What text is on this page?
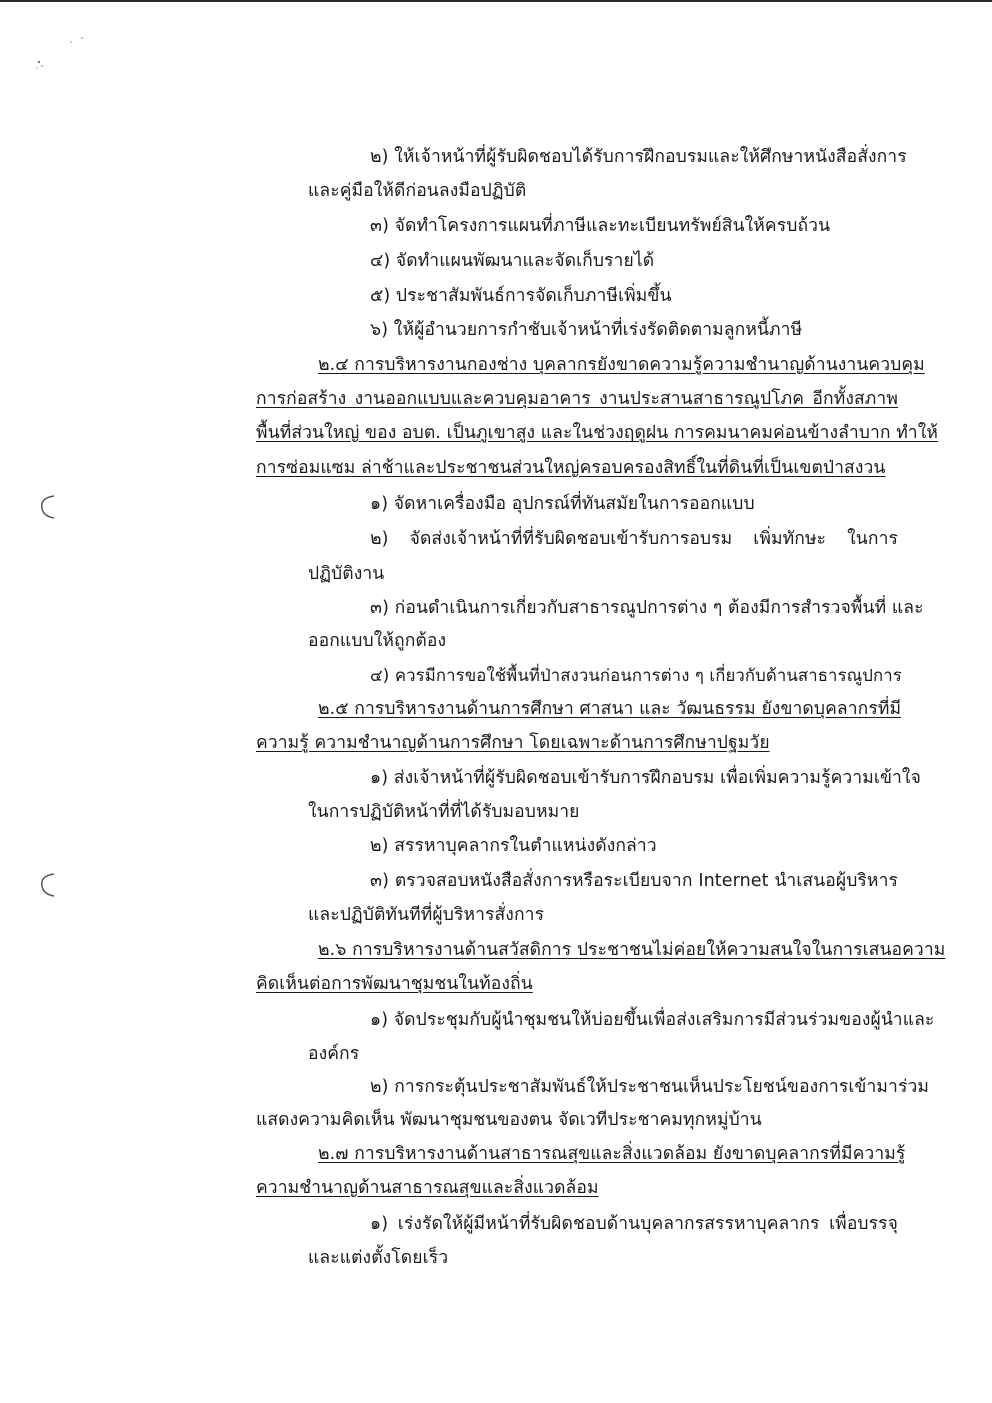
๒) ให้เจ้าหน้าที่ผู้รับผิดชอบได้รับการฝึกอบรมและให้ศึกษาหนังสือสั่งการ

และคู่มือให้ดีก่อนลงมือปฏิบัติ

๓) จัดทำโครงการแผนที่ภาษีและทะเบียนทรัพย์สินให้ครบถ้วน

๔) จัดทำแผนพัฒนาและจัดเก็บรายได้

๕) ประชาสัมพันธ์การจัดเก็บภาษีเพิ่มขึ้น

๖) ให้ผู้อำนวยการกำชับเจ้าหน้าที่เร่งรัดติดตามลูกหนี้ภาษี

๒.๔ การบริหารงานกองช่าง บุคลากรยังขาดความรู้ความชำนาญด้านงานควบคุม

การก่อสร้าง งานออกแบบและควบคุมอาคาร งานประสานสาธารณูปโภค อีกทั้งสภาพ

พื้นที่ส่วนใหญ่ ของ อบต. เป็นภูเขาสูง และในช่วงฤดูฝน การคมนาคมค่อนข้างลำบาก ทำให้

การซ่อมแซม ล่าช้าและประชาชนส่วนใหญ่ครอบครองสิทธิ์ในที่ดินที่เป็นเขตป่าสงวน

๑) จัดหาเครื่องมือ อุปกรณ์ที่ทันสมัยในการออกแบบ

๒) จัดส่งเจ้าหน้าที่ที่รับผิดชอบเข้ารับการอบรม เพิ่มทักษะ ในการ

ปฏิบัติงาน

๓) ก่อนดำเนินการเกี่ยวกับสาธารณูปการต่าง ๆ ต้องมีการสำรวจพื้นที่ และ

ออกแบบให้ถูกต้อง

๔) ควรมีการขอใช้พื้นที่ป่าสงวนก่อนการต่าง ๆ เกี่ยวกับด้านสาธารณูปการ

๒.๕ การบริหารงานด้านการศึกษา ศาสนา และ วัฒนธรรม ยังขาดบุคลากรที่มี

ความรู้ ความชำนาญด้านการศึกษา โดยเฉพาะด้านการศึกษาปฐมวัย

๑) ส่งเจ้าหน้าที่ผู้รับผิดชอบเข้ารับการฝึกอบรม เพื่อเพิ่มความรู้ความเข้าใจ

ในการปฏิบัติหน้าที่ที่ได้รับมอบหมาย

๒) สรรหาบุคลากรในตำแหน่งดังกล่าว

๓) ตรวจสอบหนังสือสั่งการหรือระเบียบจาก Internet นำเสนอผู้บริหาร

และปฏิบัติทันทีที่ผู้บริหารสั่งการ

๒.๖ การบริหารงานด้านสวัสดิการ ประชาชนไม่ค่อยให้ความสนใจในการเสนอความ

คิดเห็นต่อการพัฒนาชุมชนในท้องถิ่น

๑) จัดประชุมกับผู้นำชุมชนให้บ่อยขึ้นเพื่อส่งเสริมการมีส่วนร่วมของผู้นำและ

องค์กร

๒) การกระตุ้นประชาสัมพันธ์ให้ประชาชนเห็นประโยชน์ของการเข้ามาร่วม

แสดงความคิดเห็น พัฒนาชุมชนของตน จัดเวทีประชาคมทุกหมู่บ้าน

๒.๗ การบริหารงานด้านสาธารณสุขและสิ่งแวดล้อม ยังขาดบุคลากรที่มีความรู้

ความชำนาญด้านสาธารณสุขและสิ่งแวดล้อม

๑) เร่งรัดให้ผู้มีหน้าที่รับผิดชอบด้านบุคลากรสรรหาบุคลากร เพื่อบรรจุ

และแต่งตั้งโดยเร็ว
